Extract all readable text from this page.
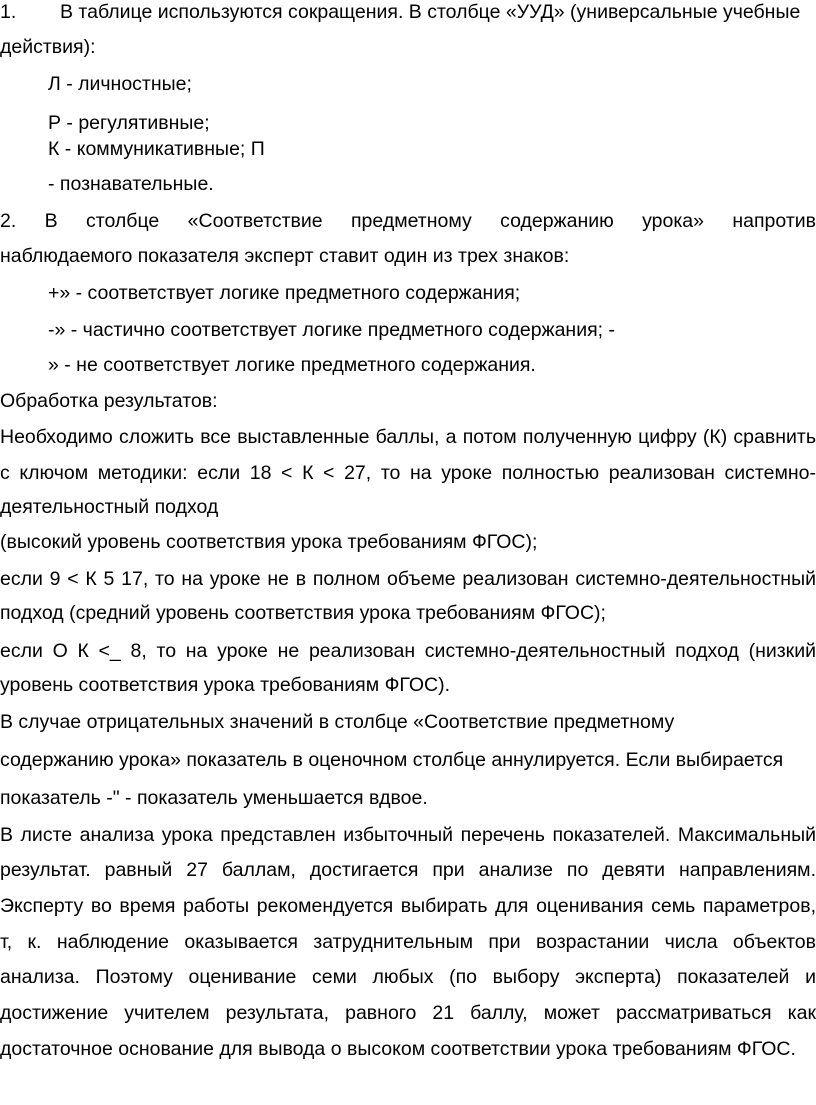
1. В таблице используются сокращения. В столбце «УУД» (универсальные учебные

действия):

Л - личностные;

Р - регулятивные;

К - коммуникативные; П

- познавательные.

2. В столбце «Соответствие предметному содержанию урока» напротив

наблюдаемого показателя эксперт ставит один из трех знаков:

+» - соответствует логике предметного содержания;

-» - частично соответствует логике предметного содержания; -

» - не соответствует логике предметного содержания.

Обработка результатов:

Необходимо сложить все выставленные баллы, а потом полученную цифру (К) сравнить

с ключом методики: если 18 < К < 27, то на уроке полностью реализован системно-

деятельностный подход

(высокий уровень соответствия урока требованиям ФГОС);

если 9 < К 5 17, то на уроке не в полном объеме реализован системно-деятельностный

подход (средний уровень соответствия урока требованиям ФГОС);

если О К <_ 8, то на уроке не реализован системно-деятельностный подход (низкий

уровень соответствия урока требованиям ФГОС).

В случае отрицательных значений в столбце «Соответствие предметному

содержанию урока» показатель в оценочном столбце аннулируется. Если выбирается

показатель -" - показатель уменьшается вдвое.

В листе анализа урока представлен избыточный перечень показателей. Максимальный

результат. равный 27 баллам, достигается при анализе по девяти направлениям.

Эксперту во время работы рекомендуется выбирать для оценивания семь параметров,

т, к. наблюдение оказывается затруднительным при возрастании числа объектов

анализа. Поэтому оценивание семи любых (по выбору эксперта) показателей и

достижение учителем результата, равного 21 баллу, может рассматриваться как

достаточное основание для вывода о высоком соответствии урока требованиям ФГОС.
